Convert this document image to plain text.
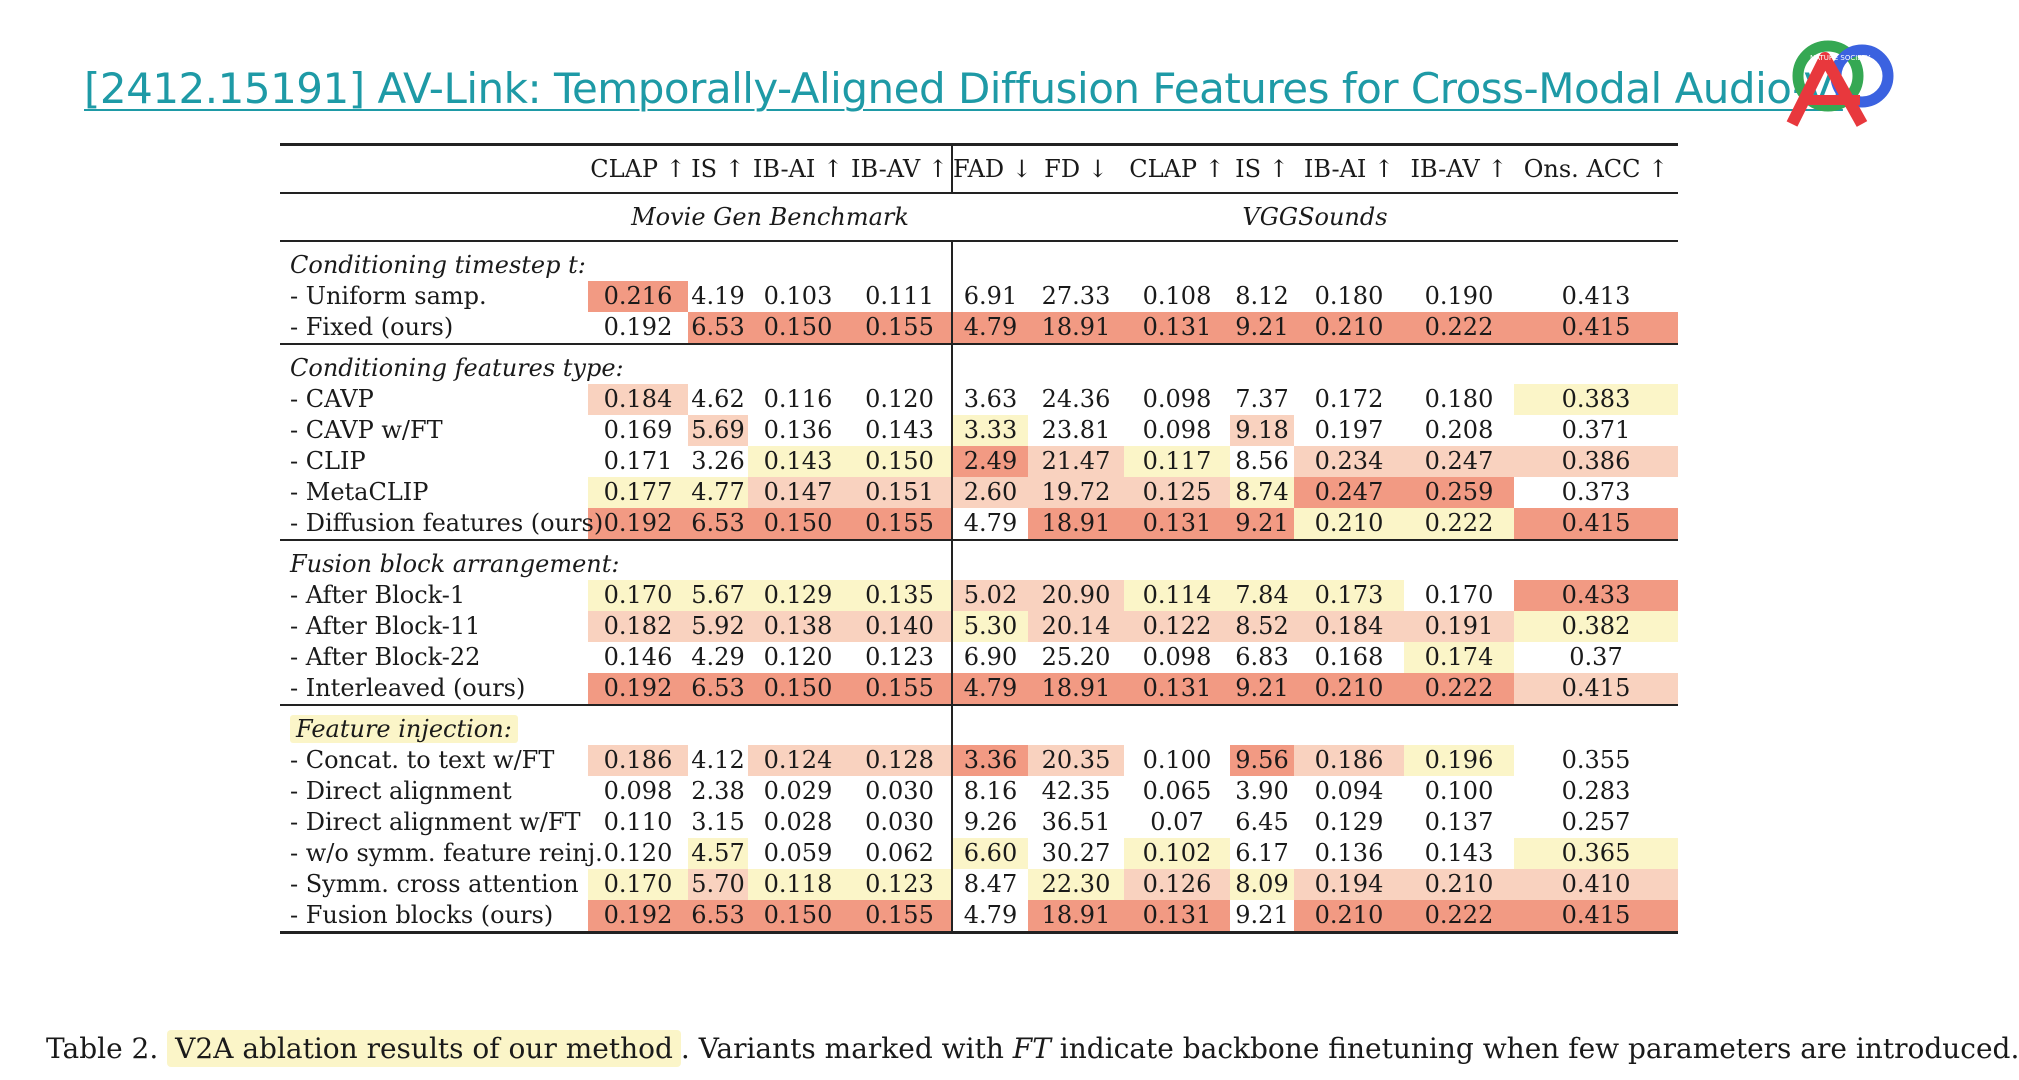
[2412.15191] AV-Link: Temporally-Aligned Diffusion Features for Cross-Modal Audio-Vi
NATURE SOCIETY
	CLAP ↑	IS ↑	IB-AI ↑	IB-AV ↑	FAD ↓	FD ↓	CLAP ↑	IS ↑	IB-AI ↑	IB-AV ↑	Ons. ACC ↑	
	Movie Gen Benchmark				VGGSounds							
Conditioning timestep t:												
- Uniform samp.	0.216	4.19	0.103	0.111	6.91	27.33	0.108	8.12	0.180	0.190	0.413	
- Fixed (ours)	0.192	6.53	0.150	0.155	4.79	18.91	0.131	9.21	0.210	0.222	0.415	
Conditioning features type:												
- CAVP	0.184	4.62	0.116	0.120	3.63	24.36	0.098	7.37	0.172	0.180	0.383	
- CAVP w/FT	0.169	5.69	0.136	0.143	3.33	23.81	0.098	9.18	0.197	0.208	0.371	
- CLIP	0.171	3.26	0.143	0.150	2.49	21.47	0.117	8.56	0.234	0.247	0.386	
- MetaCLIP	0.177	4.77	0.147	0.151	2.60	19.72	0.125	8.74	0.247	0.259	0.373	
- Diffusion features (ours)	0.192	6.53	0.150	0.155	4.79	18.91	0.131	9.21	0.210	0.222	0.415	
Fusion block arrangement:												
- After Block-1	0.170	5.67	0.129	0.135	5.02	20.90	0.114	7.84	0.173	0.170	0.433	
- After Block-11	0.182	5.92	0.138	0.140	5.30	20.14	0.122	8.52	0.184	0.191	0.382	
- After Block-22	0.146	4.29	0.120	0.123	6.90	25.20	0.098	6.83	0.168	0.174	0.37	
- Interleaved (ours)	0.192	6.53	0.150	0.155	4.79	18.91	0.131	9.21	0.210	0.222	0.415	
Feature injection:												
- Concat. to text w/FT	0.186	4.12	0.124	0.128	3.36	20.35	0.100	9.56	0.186	0.196	0.355	
- Direct alignment	0.098	2.38	0.029	0.030	8.16	42.35	0.065	3.90	0.094	0.100	0.283	
- Direct alignment w/FT	0.110	3.15	0.028	0.030	9.26	36.51	0.07	6.45	0.129	0.137	0.257	
- w/o symm. feature reinj.	0.120	4.57	0.059	0.062	6.60	30.27	0.102	6.17	0.136	0.143	0.365	
- Symm. cross attention	0.170	5.70	0.118	0.123	8.47	22.30	0.126	8.09	0.194	0.210	0.410	
- Fusion blocks (ours)	0.192	6.53	0.150	0.155	4.79	18.91	0.131	9.21	0.210	0.222	0.415	
Table 2. V2A ablation results of our method . Variants marked with FT indicate backbone finetuning when few parameters are introduced.
